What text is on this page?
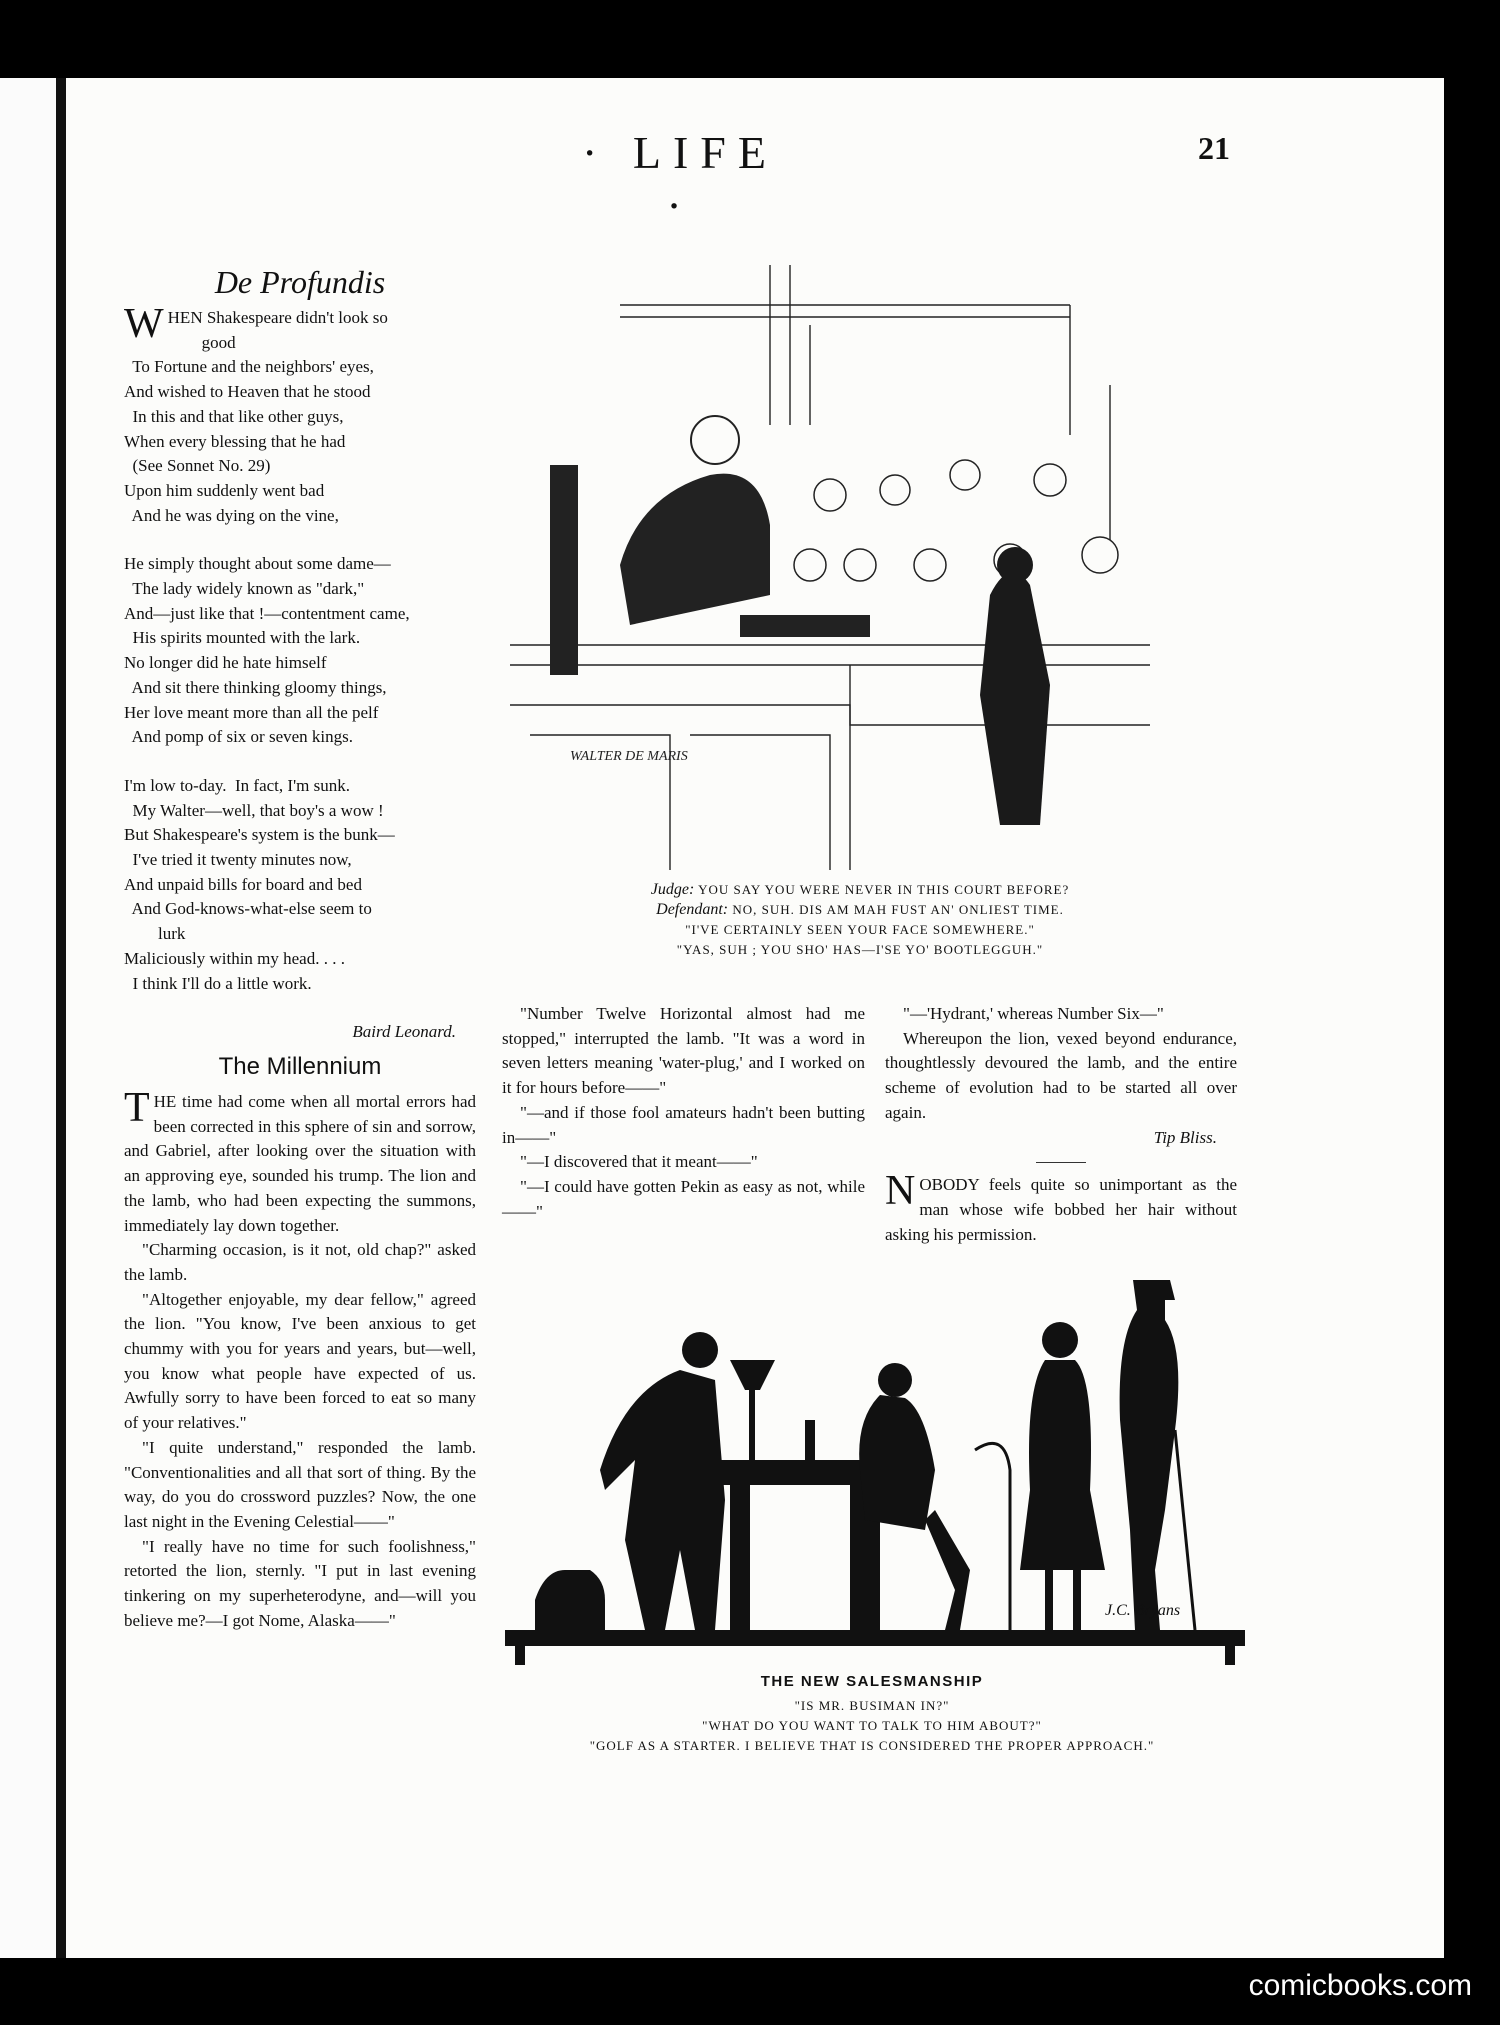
· LIFE ·
21
De Profundis
W HEN Shakespeare didn't look so
good
To Fortune and the neighbors' eyes,
And wished to Heaven that he stood
In this and that like other guys,
When every blessing that he had
(See Sonnet No. 29)
Upon him suddenly went bad
And he was dying on the vine,
He simply thought about some dame—
The lady widely known as "dark,"
And—just like that !—contentment came,
His spirits mounted with the lark.
No longer did he hate himself
And sit there thinking gloomy things,
Her love meant more than all the pelf
And pomp of six or seven kings.
I'm low to-day.  In fact, I'm sunk.
My Walter—well, that boy's a wow !
But Shakespeare's system is the bunk—
I've tried it twenty minutes now,
And unpaid bills for board and bed
And God-knows-what-else seem to
lurk
Maliciously within my head. . . .
I think I'll do a little work.
Baird Leonard.
The Millennium

THE time had come when all mortal errors had been corrected in this sphere of sin and sorrow, and Gabriel, after looking over the situation with an approving eye, sounded his trump. The lion and the lamb, who had been expecting the summons, immediately lay down together.

"Charming occasion, is it not, old chap?" asked the lamb.

"Altogether enjoyable, my dear fellow," agreed the lion. "You know, I've been anxious to get chummy with you for years and years, but—well, you know what people have expected of us. Awfully sorry to have been forced to eat so many of your relatives."

"I quite understand," responded the lamb. "Conventionalities and all that sort of thing. By the way, do you do crossword puzzles? Now, the one last night in the Evening Celestial——"

"I really have no time for such foolishness," retorted the lion, sternly. "I put in last evening tinkering on my superheterodyne, and—will you believe me?—I got Nome, Alaska——"

WALTER DE MARIS
Judge: YOU SAY YOU WERE NEVER IN THIS COURT BEFORE?
Defendant: NO, SUH. DIS AM MAH FUST AN' ONLIEST TIME.
"I'VE CERTAINLY SEEN YOUR FACE SOMEWHERE."
"YAS, SUH ; YOU SHO' HAS—I'SE YO' BOOTLEGGUH."

"Number Twelve Horizontal almost had me stopped," interrupted the lamb. "It was a word in seven letters meaning 'water-plug,' and I worked on it for hours before——"

"—and if those fool amateurs hadn't been butting in——"

"—I discovered that it meant——"

"—I could have gotten Pekin as easy as not, while——"

"—'Hydrant,' whereas Number Six—"

Whereupon the lion, vexed beyond endurance, thoughtlessly devoured the lamb, and the entire scheme of evolution had to be started all over again.

Tip Bliss.

NOBODY feels quite so unimportant as the man whose wife bobbed her hair without asking his permission.

J.C. Bryans
THE NEW SALESMANSHIP
"IS MR. BUSIMAN IN?"
"WHAT DO YOU WANT TO TALK TO HIM ABOUT?"
"GOLF AS A STARTER. I BELIEVE THAT IS CONSIDERED THE PROPER APPROACH."
comicbooks.com
